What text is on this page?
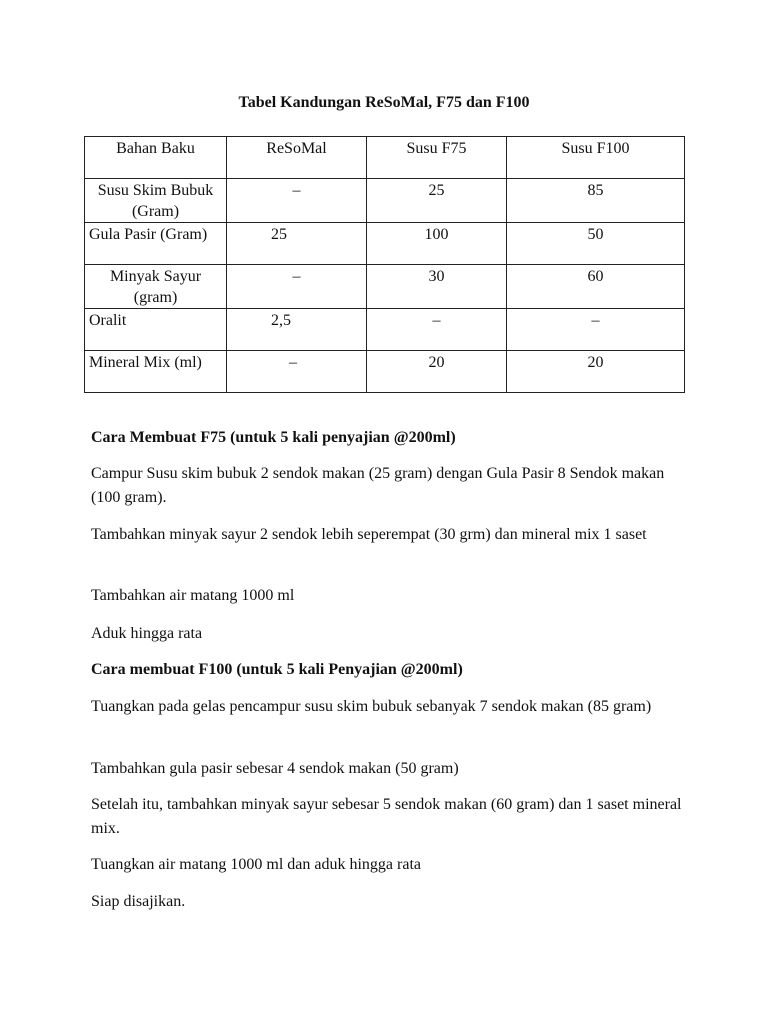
Tabel Kandungan ReSoMal, F75 dan F100
Bahan Baku	ReSoMal	Susu F75	Susu F100
Susu Skim Bubuk (Gram)	–	25	85
Gula Pasir (Gram)	25	100	50
Minyak Sayur (gram)	–	30	60
Oralit	2,5	–	–
Mineral Mix (ml)	–	20	20
Cara Membuat F75 (untuk 5 kali penyajian @200ml)
Campur Susu skim bubuk 2 sendok makan (25 gram) dengan Gula Pasir 8 Sendok makan (100 gram).
Tambahkan minyak sayur 2 sendok lebih seperempat (30 grm) dan mineral mix 1 saset
Tambahkan air matang 1000 ml
Aduk hingga rata
Cara membuat F100 (untuk 5 kali Penyajian @200ml)
Tuangkan pada gelas pencampur susu skim bubuk sebanyak 7 sendok makan (85 gram)
Tambahkan gula pasir sebesar 4 sendok makan (50 gram)
Setelah itu, tambahkan minyak sayur sebesar 5 sendok makan (60 gram) dan 1 saset mineral mix.
Tuangkan air matang 1000 ml dan aduk hingga rata
Siap disajikan.
